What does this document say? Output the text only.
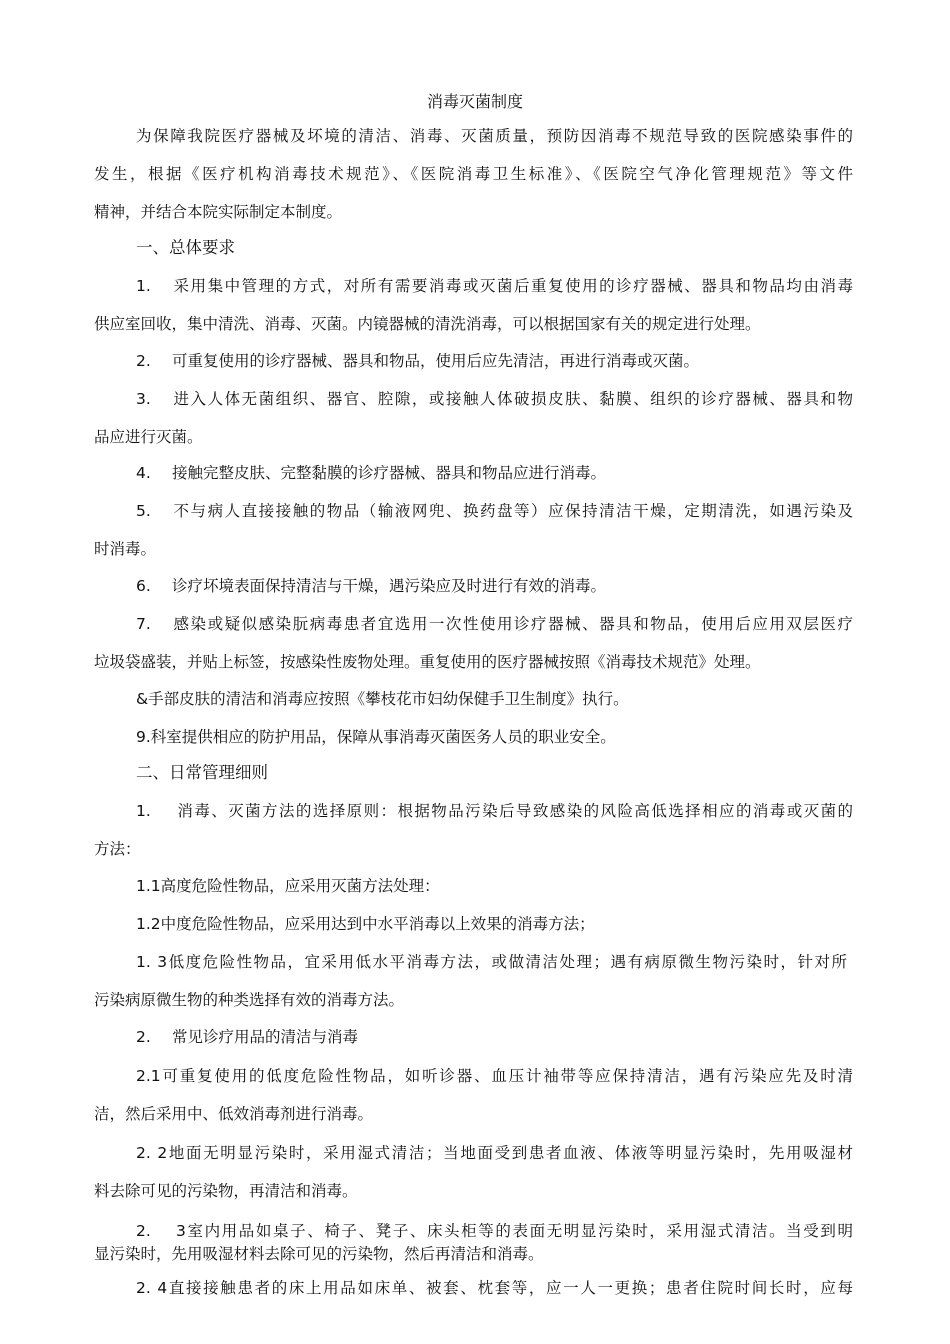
消毒灭菌制度
为保障我院医疗器械及坏境的清洁、消毒、灭菌质量，预防因消毒不规范导致的医院感染事件的
发生，根据《医疗机构消毒技术规范》、《医院消毒卫生标准》、《医院空气净化管理规范》等文件
精神，并结合本院实际制定本制度。
一、总体要求
1. 采用集中管理的方式，对所有需要消毒或灭菌后重复使用的诊疗器械、器具和物品均由消毒
供应室回收，集中清洗、消毒、灭菌。内镜器械的清洗消毒，可以根据国家有关的规定进行处理。
2. 可重复使用的诊疗器械、器具和物品，使用后应先清洁，再进行消毒或灭菌。
3. 进入人体无菌组织、器官、腔隙，或接触人体破损皮肤、黏膜、组织的诊疗器械、器具和物
品应进行灭菌。
4. 接触完整皮肤、完整黏膜的诊疗器械、器具和物品应进行消毒。
5. 不与病人直接接触的物品（输液网兜、换药盘等）应保持清洁干燥，定期清洗，如遇污染及
时消毒。
6. 诊疗坏境表面保持清洁与干燥，遇污染应及时进行有效的消毒。
7. 感染或疑似感染朊病毒患者宜选用一次性使用诊疗器械、器具和物品，使用后应用双层医疗
垃圾袋盛装，并贴上标签，按感染性废物处理。重复使用的医疗器械按照《消毒技术规范》处理。
&手部皮肤的清洁和消毒应按照《攀枝花市妇幼保健手卫生制度》执行。
9.科室提供相应的防护用品，保障从事消毒灭菌医务人员的职业安全。
二、日常管理细则
1. 消毒、灭菌方法的选择原则：根据物品污染后导致感染的风险高低选择相应的消毒或灭菌的
方法：
1.1高度危险性物品，应采用灭菌方法处理：
1.2中度危险性物品，应采用达到中水平消毒以上效果的消毒方法；
1. 3低度危险性物品，宜采用低水平消毒方法，或做清洁处理；遇有病原微生物污染时，针对所
污染病原微生物的种类选择有效的消毒方法。
2. 常见诊疗用品的清洁与消毒
2.1可重复使用的低度危险性物品，如听诊器、血压计袖带等应保持清洁，遇有污染应先及时清
洁，然后采用中、低效消毒剂进行消毒。
2. 2地面无明显污染时，采用湿式清洁；当地面受到患者血液、体液等明显污染时，先用吸湿材
料去除可见的污染物，再清洁和消毒。
2. 3室内用品如桌子、椅子、凳子、床头柜等的表面无明显污染时，采用湿式清洁。当受到明
显污染时，先用吸湿材料去除可见的污染物，然后再清洁和消毒。
2. 4直接接触患者的床上用品如床单、被套、枕套等，应一人一更换；患者住院时间长时，应每
